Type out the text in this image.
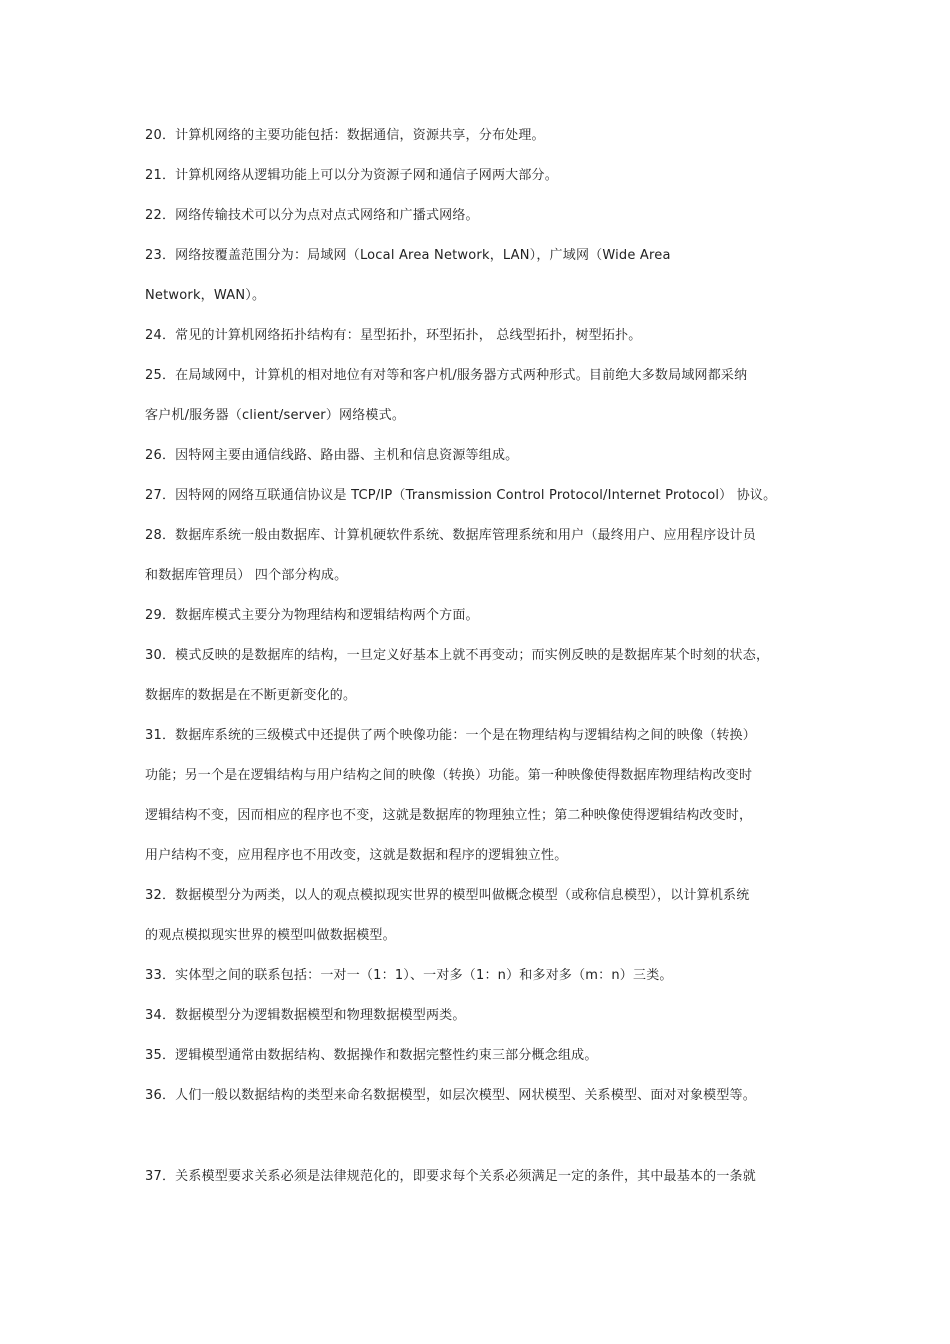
20．计算机网络的主要功能包括：数据通信，资源共享，分布处理。
21．计算机网络从逻辑功能上可以分为资源子网和通信子网两大部分。
22．网络传输技术可以分为点对点式网络和广播式网络。
23．网络按覆盖范围分为：局域网（Local Area Network，LAN），广域网（Wide Area
Network，WAN）。
24．常见的计算机网络拓扑结构有：星型拓扑，环型拓扑， 总线型拓扑，树型拓扑。
25．在局域网中，计算机的相对地位有对等和客户机/服务器方式两种形式。目前绝大多数局域网都采纳
客户机/服务器（client/server）网络模式。
26．因特网主要由通信线路、路由器、主机和信息资源等组成。
27．因特网的网络互联通信协议是 TCP/IP（Transmission Control Protocol/Internet Protocol） 协议。
28．数据库系统一般由数据库、计算机硬软件系统、数据库管理系统和用户（最终用户、应用程序设计员
和数据库管理员） 四个部分构成。
29．数据库模式主要分为物理结构和逻辑结构两个方面。
30．模式反映的是数据库的结构，一旦定义好基本上就不再变动；而实例反映的是数据库某个时刻的状态，
数据库的数据是在不断更新变化的。
31．数据库系统的三级模式中还提供了两个映像功能：一个是在物理结构与逻辑结构之间的映像（转换）
功能；另一个是在逻辑结构与用户结构之间的映像（转换）功能。第一种映像使得数据库物理结构改变时
逻辑结构不变，因而相应的程序也不变，这就是数据库的物理独立性；第二种映像使得逻辑结构改变时，
用户结构不变，应用程序也不用改变，这就是数据和程序的逻辑独立性。
32．数据模型分为两类，以人的观点模拟现实世界的模型叫做概念模型（或称信息模型），以计算机系统
的观点模拟现实世界的模型叫做数据模型。
33．实体型之间的联系包括：一对一（1：1）、一对多（1：n）和多对多（m：n）三类。
34．数据模型分为逻辑数据模型和物理数据模型两类。
35．逻辑模型通常由数据结构、数据操作和数据完整性约束三部分概念组成。
36．人们一般以数据结构的类型来命名数据模型，如层次模型、网状模型、关系模型、面对对象模型等。
37．关系模型要求关系必须是法律规范化的，即要求每个关系必须满足一定的条件，其中最基本的一条就
